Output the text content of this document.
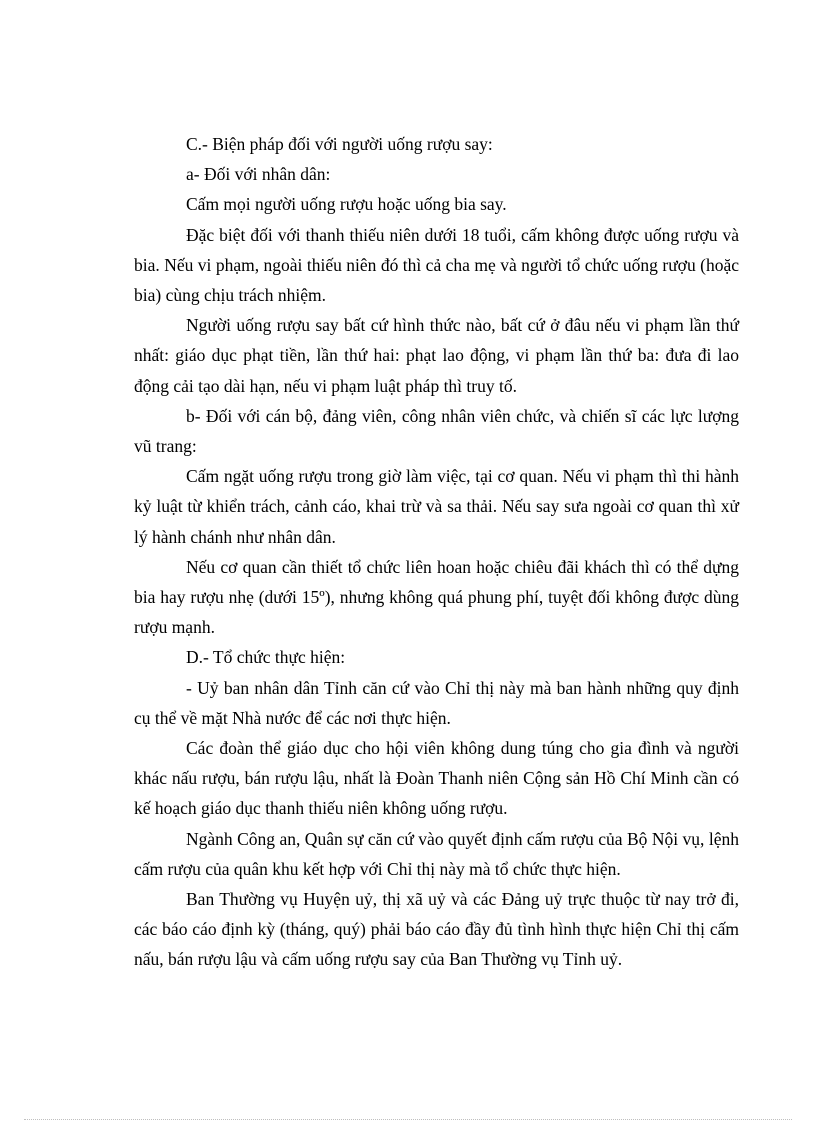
C.- Biện pháp đối với người uống rượu say:

a- Đối với nhân dân:

Cấm mọi người uống rượu hoặc uống bia say.

Đặc biệt đối với thanh thiếu niên dưới 18 tuổi, cấm không được uống rượu và bia. Nếu vi phạm, ngoài thiếu niên đó thì cả cha mẹ và người tổ chức uống rượu (hoặc bia) cùng chịu trách nhiệm.

Người uống rượu say bất cứ hình thức nào, bất cứ ở đâu nếu vi phạm lần thứ nhất: giáo dục phạt tiền, lần thứ hai: phạt lao động, vi phạm lần thứ ba: đưa đi lao động cải tạo dài hạn, nếu vi phạm luật pháp thì truy tố.

b- Đối với cán bộ, đảng viên, công nhân viên chức, và chiến sĩ các lực lượng vũ trang:

Cấm ngặt uống rượu trong giờ làm việc, tại cơ quan. Nếu vi phạm thì thi hành kỷ luật từ khiển trách, cảnh cáo, khai trừ và sa thải. Nếu say sưa ngoài cơ quan thì xử lý hành chánh như nhân dân.

Nếu cơ quan cần thiết tổ chức liên hoan hoặc chiêu đãi khách thì có thể dựng bia hay rượu nhẹ (dưới 15º), nhưng không quá phung phí, tuyệt đối không được dùng rượu mạnh.

D.- Tổ chức thực hiện:

- Uỷ ban nhân dân Tỉnh căn cứ vào Chỉ thị này mà ban hành những quy định cụ thể về mặt Nhà nước để các nơi thực hiện.

Các đoàn thể giáo dục cho hội viên không dung túng cho gia đình và người khác nấu rượu, bán rượu lậu, nhất là Đoàn Thanh niên Cộng sản Hồ Chí Minh cần có kế hoạch giáo dục thanh thiếu niên không uống rượu.

Ngành Công an, Quân sự căn cứ vào quyết định cấm rượu của Bộ Nội vụ, lệnh cấm rượu của quân khu kết hợp với Chỉ thị này mà tổ chức thực hiện.

Ban Thường vụ Huyện uỷ, thị xã uỷ và các Đảng uỷ trực thuộc từ nay trở đi, các báo cáo định kỳ (tháng, quý) phải báo cáo đầy đủ tình hình thực hiện Chỉ thị cấm nấu, bán rượu lậu và cấm uống rượu say của Ban Thường vụ Tỉnh uỷ.
